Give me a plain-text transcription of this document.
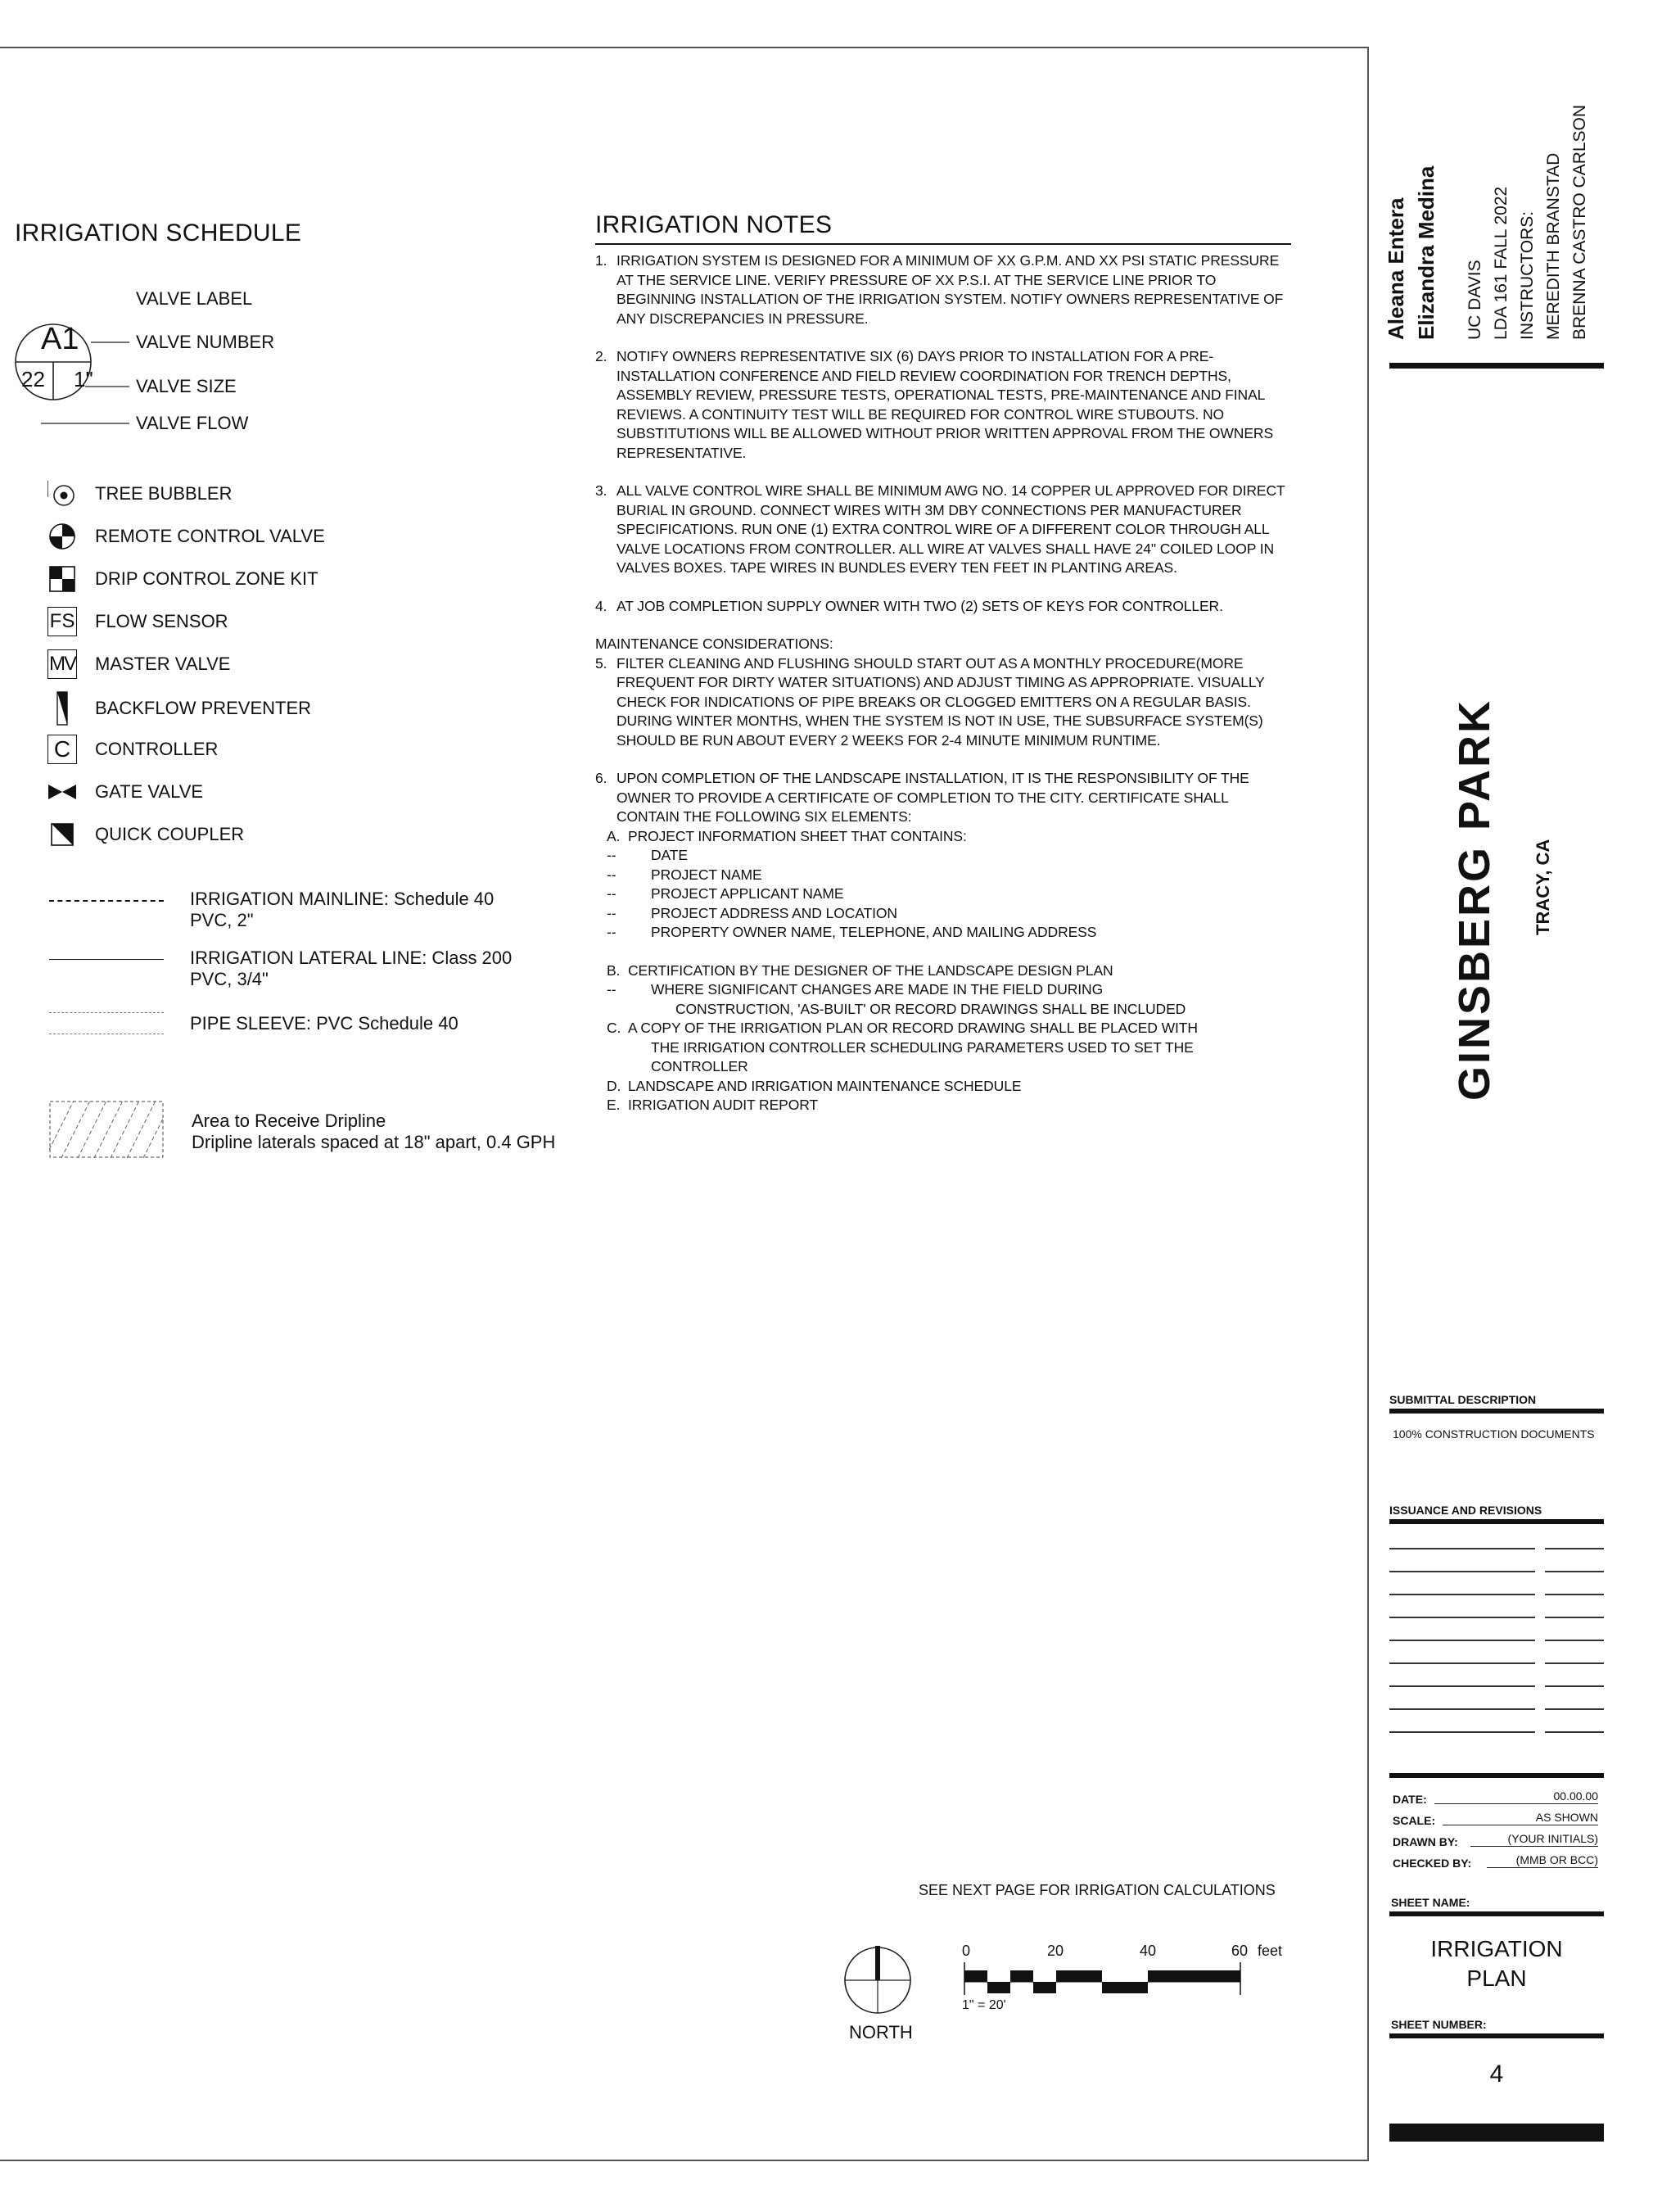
IRRIGATION SCHEDULE
A1
22 1"
VALVE LABEL
VALVE NUMBER
VALVE SIZE
VALVE FLOW
TREE BUBBLER
REMOTE CONTROL VALVE
DRIP CONTROL ZONE KIT
FS FLOW SENSOR
MV MASTER VALVE
BACKFLOW PREVENTER
C CONTROLLER
GATE VALVE
QUICK COUPLER
IRRIGATION MAINLINE: Schedule 40
PVC, 2"
IRRIGATION LATERAL LINE: Class 200
PVC, 3/4"
PIPE SLEEVE: PVC Schedule 40
Area to Receive Dripline
Dripline laterals spaced at 18" apart, 0.4 GPH
IRRIGATION NOTES
1. IRRIGATION SYSTEM IS DESIGNED FOR A MINIMUM OF XX G.P.M. AND XX PSI STATIC PRESSURE AT THE SERVICE LINE. VERIFY PRESSURE OF XX P.S.I. AT THE SERVICE LINE PRIOR TO BEGINNING INSTALLATION OF THE IRRIGATION SYSTEM. NOTIFY OWNERS REPRESENTATIVE OF ANY DISCREPANCIES IN PRESSURE.
2. NOTIFY OWNERS REPRESENTATIVE SIX (6) DAYS PRIOR TO INSTALLATION FOR A PRE-INSTALLATION CONFERENCE AND FIELD REVIEW COORDINATION FOR TRENCH DEPTHS, ASSEMBLY REVIEW, PRESSURE TESTS, OPERATIONAL TESTS, PRE-MAINTENANCE AND FINAL REVIEWS. A CONTINUITY TEST WILL BE REQUIRED FOR CONTROL WIRE STUBOUTS. NO SUBSTITUTIONS WILL BE ALLOWED WITHOUT PRIOR WRITTEN APPROVAL FROM THE OWNERS REPRESENTATIVE.
3. ALL VALVE CONTROL WIRE SHALL BE MINIMUM AWG NO. 14 COPPER UL APPROVED FOR DIRECT BURIAL IN GROUND. CONNECT WIRES WITH 3M DBY CONNECTIONS PER MANUFACTURER SPECIFICATIONS. RUN ONE (1) EXTRA CONTROL WIRE OF A DIFFERENT COLOR THROUGH ALL VALVE LOCATIONS FROM CONTROLLER. ALL WIRE AT VALVES SHALL HAVE 24" COILED LOOP IN VALVES BOXES. TAPE WIRES IN BUNDLES EVERY TEN FEET IN PLANTING AREAS.
4. AT JOB COMPLETION SUPPLY OWNER WITH TWO (2) SETS OF KEYS FOR CONTROLLER.

MAINTENANCE CONSIDERATIONS:

5. FILTER CLEANING AND FLUSHING SHOULD START OUT AS A MONTHLY PROCEDURE(MORE FREQUENT FOR DIRTY WATER SITUATIONS) AND ADJUST TIMING AS APPROPRIATE. VISUALLY CHECK FOR INDICATIONS OF PIPE BREAKS OR CLOGGED EMITTERS ON A REGULAR BASIS. DURING WINTER MONTHS, WHEN THE SYSTEM IS NOT IN USE, THE SUBSURFACE SYSTEM(S) SHOULD BE RUN ABOUT EVERY 2 WEEKS FOR 2-4 MINUTE MINIMUM RUNTIME.
6. UPON COMPLETION OF THE LANDSCAPE INSTALLATION, IT IS THE RESPONSIBILITY OF THE OWNER TO PROVIDE A CERTIFICATE OF COMPLETION TO THE CITY. CERTIFICATE SHALL CONTAIN THE FOLLOWING SIX ELEMENTS:
A. PROJECT INFORMATION SHEET THAT CONTAINS:
--	DATE
--	PROJECT NAME
--	PROJECT APPLICANT NAME
--	PROJECT ADDRESS AND LOCATION
--	PROPERTY OWNER NAME, TELEPHONE, AND MAILING ADDRESS
B. CERTIFICATION BY THE DESIGNER OF THE LANDSCAPE DESIGN PLAN
--	WHERE SIGNIFICANT CHANGES ARE MADE IN THE FIELD DURING
CONSTRUCTION, 'AS-BUILT' OR RECORD DRAWINGS SHALL BE INCLUDED
C. A COPY OF THE IRRIGATION PLAN OR RECORD DRAWING SHALL BE PLACED WITH
THE IRRIGATION CONTROLLER SCHEDULING PARAMETERS USED TO SET THE
CONTROLLER
D. LANDSCAPE AND IRRIGATION MAINTENANCE SCHEDULE
E. IRRIGATION AUDIT REPORT
SEE NEXT PAGE FOR IRRIGATION CALCULATIONS
NORTH
0	20	40	60 feet
1" = 20'
Aleana Entera Elizandra Medina UC DAVIS LDA 161 FALL 2022 INSTRUCTORS: MEREDITH BRANSTAD BRENNA CASTRO CARLSON
GINSBERG PARK TRACY, CA
SUBMITTAL DESCRIPTION
100% CONSTRUCTION DOCUMENTS
ISSUANCE AND REVISIONS
DATE:	00.00.00
SCALE:	AS SHOWN
DRAWN BY:	(YOUR INITIALS)
CHECKED BY:	(MMB OR BCC)
SHEET NAME:
IRRIGATION
PLAN
SHEET NUMBER:
4
